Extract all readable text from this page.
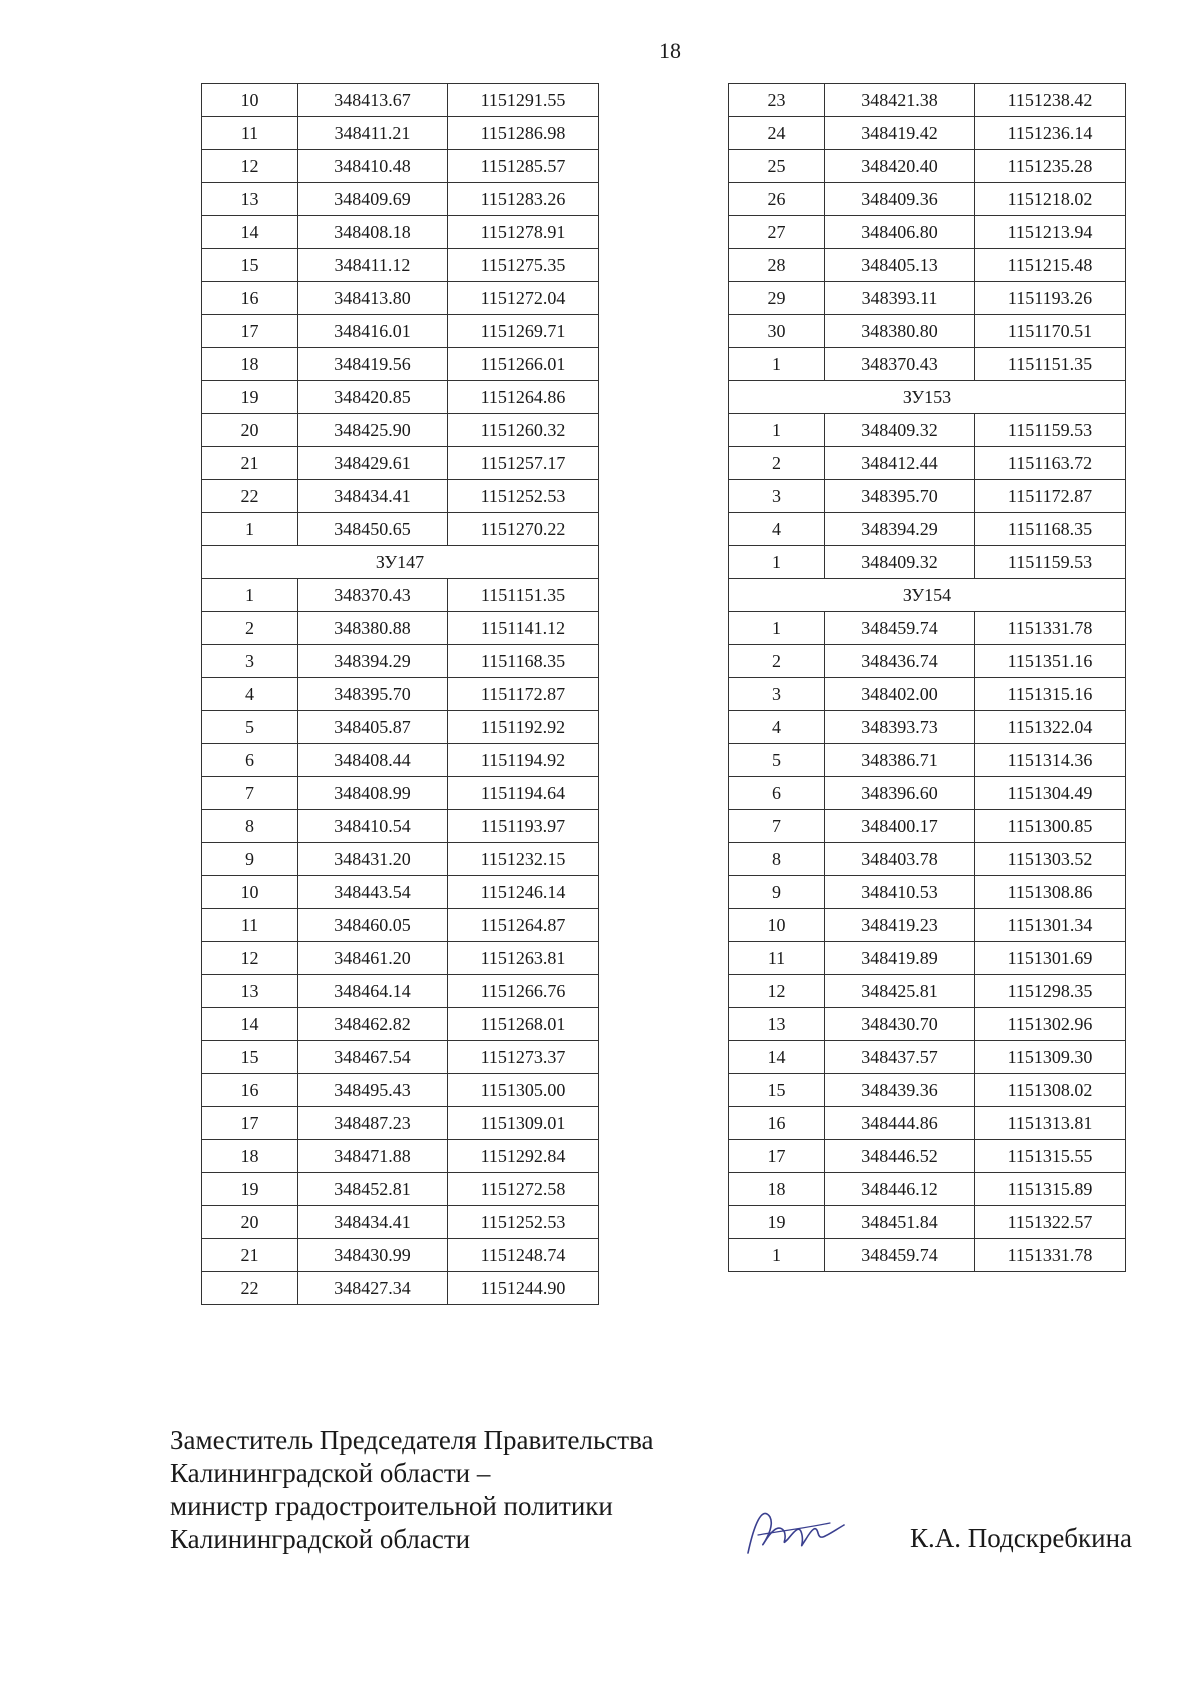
18
10	348413.67	1151291.55
11	348411.21	1151286.98
12	348410.48	1151285.57
13	348409.69	1151283.26
14	348408.18	1151278.91
15	348411.12	1151275.35
16	348413.80	1151272.04
17	348416.01	1151269.71
18	348419.56	1151266.01
19	348420.85	1151264.86
20	348425.90	1151260.32
21	348429.61	1151257.17
22	348434.41	1151252.53
1	348450.65	1151270.22
ЗУ147		
1	348370.43	1151151.35
2	348380.88	1151141.12
3	348394.29	1151168.35
4	348395.70	1151172.87
5	348405.87	1151192.92
6	348408.44	1151194.92
7	348408.99	1151194.64
8	348410.54	1151193.97
9	348431.20	1151232.15
10	348443.54	1151246.14
11	348460.05	1151264.87
12	348461.20	1151263.81
13	348464.14	1151266.76
14	348462.82	1151268.01
15	348467.54	1151273.37
16	348495.43	1151305.00
17	348487.23	1151309.01
18	348471.88	1151292.84
19	348452.81	1151272.58
20	348434.41	1151252.53
21	348430.99	1151248.74
22	348427.34	1151244.90
23	348421.38	1151238.42
24	348419.42	1151236.14
25	348420.40	1151235.28
26	348409.36	1151218.02
27	348406.80	1151213.94
28	348405.13	1151215.48
29	348393.11	1151193.26
30	348380.80	1151170.51
1	348370.43	1151151.35
ЗУ153		
1	348409.32	1151159.53
2	348412.44	1151163.72
3	348395.70	1151172.87
4	348394.29	1151168.35
1	348409.32	1151159.53
ЗУ154		
1	348459.74	1151331.78
2	348436.74	1151351.16
3	348402.00	1151315.16
4	348393.73	1151322.04
5	348386.71	1151314.36
6	348396.60	1151304.49
7	348400.17	1151300.85
8	348403.78	1151303.52
9	348410.53	1151308.86
10	348419.23	1151301.34
11	348419.89	1151301.69
12	348425.81	1151298.35
13	348430.70	1151302.96
14	348437.57	1151309.30
15	348439.36	1151308.02
16	348444.86	1151313.81
17	348446.52	1151315.55
18	348446.12	1151315.89
19	348451.84	1151322.57
1	348459.74	1151331.78
Заместитель Председателя Правительства
Калининградской области –
министр градостроительной политики
Калининградской области	К.А. Подскребкина
